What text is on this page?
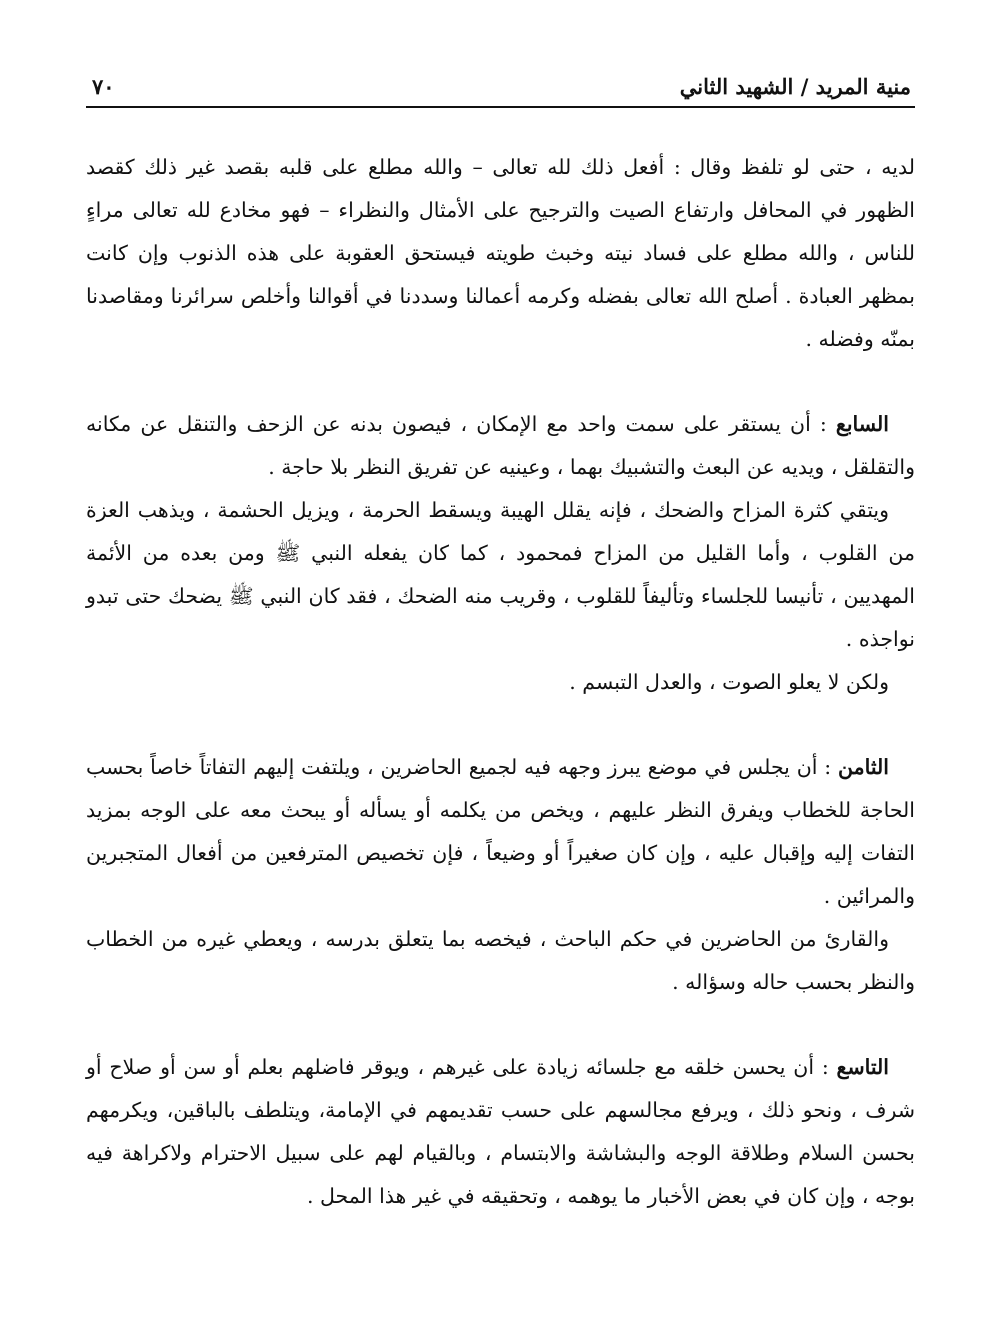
منية المريد / الشهيد الثاني
٧٠

لديه ، حتى لو تلفظ وقال : أفعل ذلك لله تعالى – والله مطلع على قلبه بقصد غير ذلك كقصد الظهور في المحافل وارتفاع الصيت والترجيح على الأمثال والنظراء – فهو مخادع لله تعالى مراءٍ للناس ، والله مطلع على فساد نيته وخبث طويته فيستحق العقوبة على هذه الذنوب وإن كانت بمظهر العبادة . أصلح الله تعالى بفضله وكرمه أعمالنا وسددنا في أقوالنا وأخلص سرائرنا ومقاصدنا بمنّه وفضله .

السابع : أن يستقر على سمت واحد مع الإمكان ، فيصون بدنه عن الزحف والتنقل عن مكانه والتقلقل ، ويديه عن البعث والتشبيك بهما ، وعينيه عن تفريق النظر بلا حاجة .

ويتقي كثرة المزاح والضحك ، فإنه يقلل الهيبة ويسقط الحرمة ، ويزيل الحشمة ، ويذهب العزة من القلوب ، وأما القليل من المزاح فمحمود ، كما كان يفعله النبي ﷺ ومن بعده من الأئمة المهديين ، تأنيسا للجلساء وتأليفاً للقلوب ، وقريب منه الضحك ، فقد كان النبي ﷺ يضحك حتى تبدو نواجذه .

ولكن لا يعلو الصوت ، والعدل التبسم .

الثامن : أن يجلس في موضع يبرز وجهه فيه لجميع الحاضرين ، ويلتفت إليهم التفاتاً خاصاً بحسب الحاجة للخطاب ويفرق النظر عليهم ، ويخص من يكلمه أو يسأله أو يبحث معه على الوجه بمزيد التفات إليه وإقبال عليه ، وإن كان صغيراً أو وضيعاً ، فإن تخصيص المترفعين من أفعال المتجبرين والمرائين .

والقارئ من الحاضرين في حكم الباحث ، فيخصه بما يتعلق بدرسه ، ويعطي غيره من الخطاب والنظر بحسب حاله وسؤاله .

التاسع : أن يحسن خلقه مع جلسائه زيادة على غيرهم ، ويوقر فاضلهم بعلم أو سن أو صلاح أو شرف ، ونحو ذلك ، ويرفع مجالسهم على حسب تقديمهم في الإمامة، ويتلطف بالباقين، ويكرمهم بحسن السلام وطلاقة الوجه والبشاشة والابتسام ، وبالقيام لهم على سبيل الاحترام ولاكراهة فيه بوجه ، وإن كان في بعض الأخبار ما يوهمه ، وتحقيقه في غير هذا المحل .
